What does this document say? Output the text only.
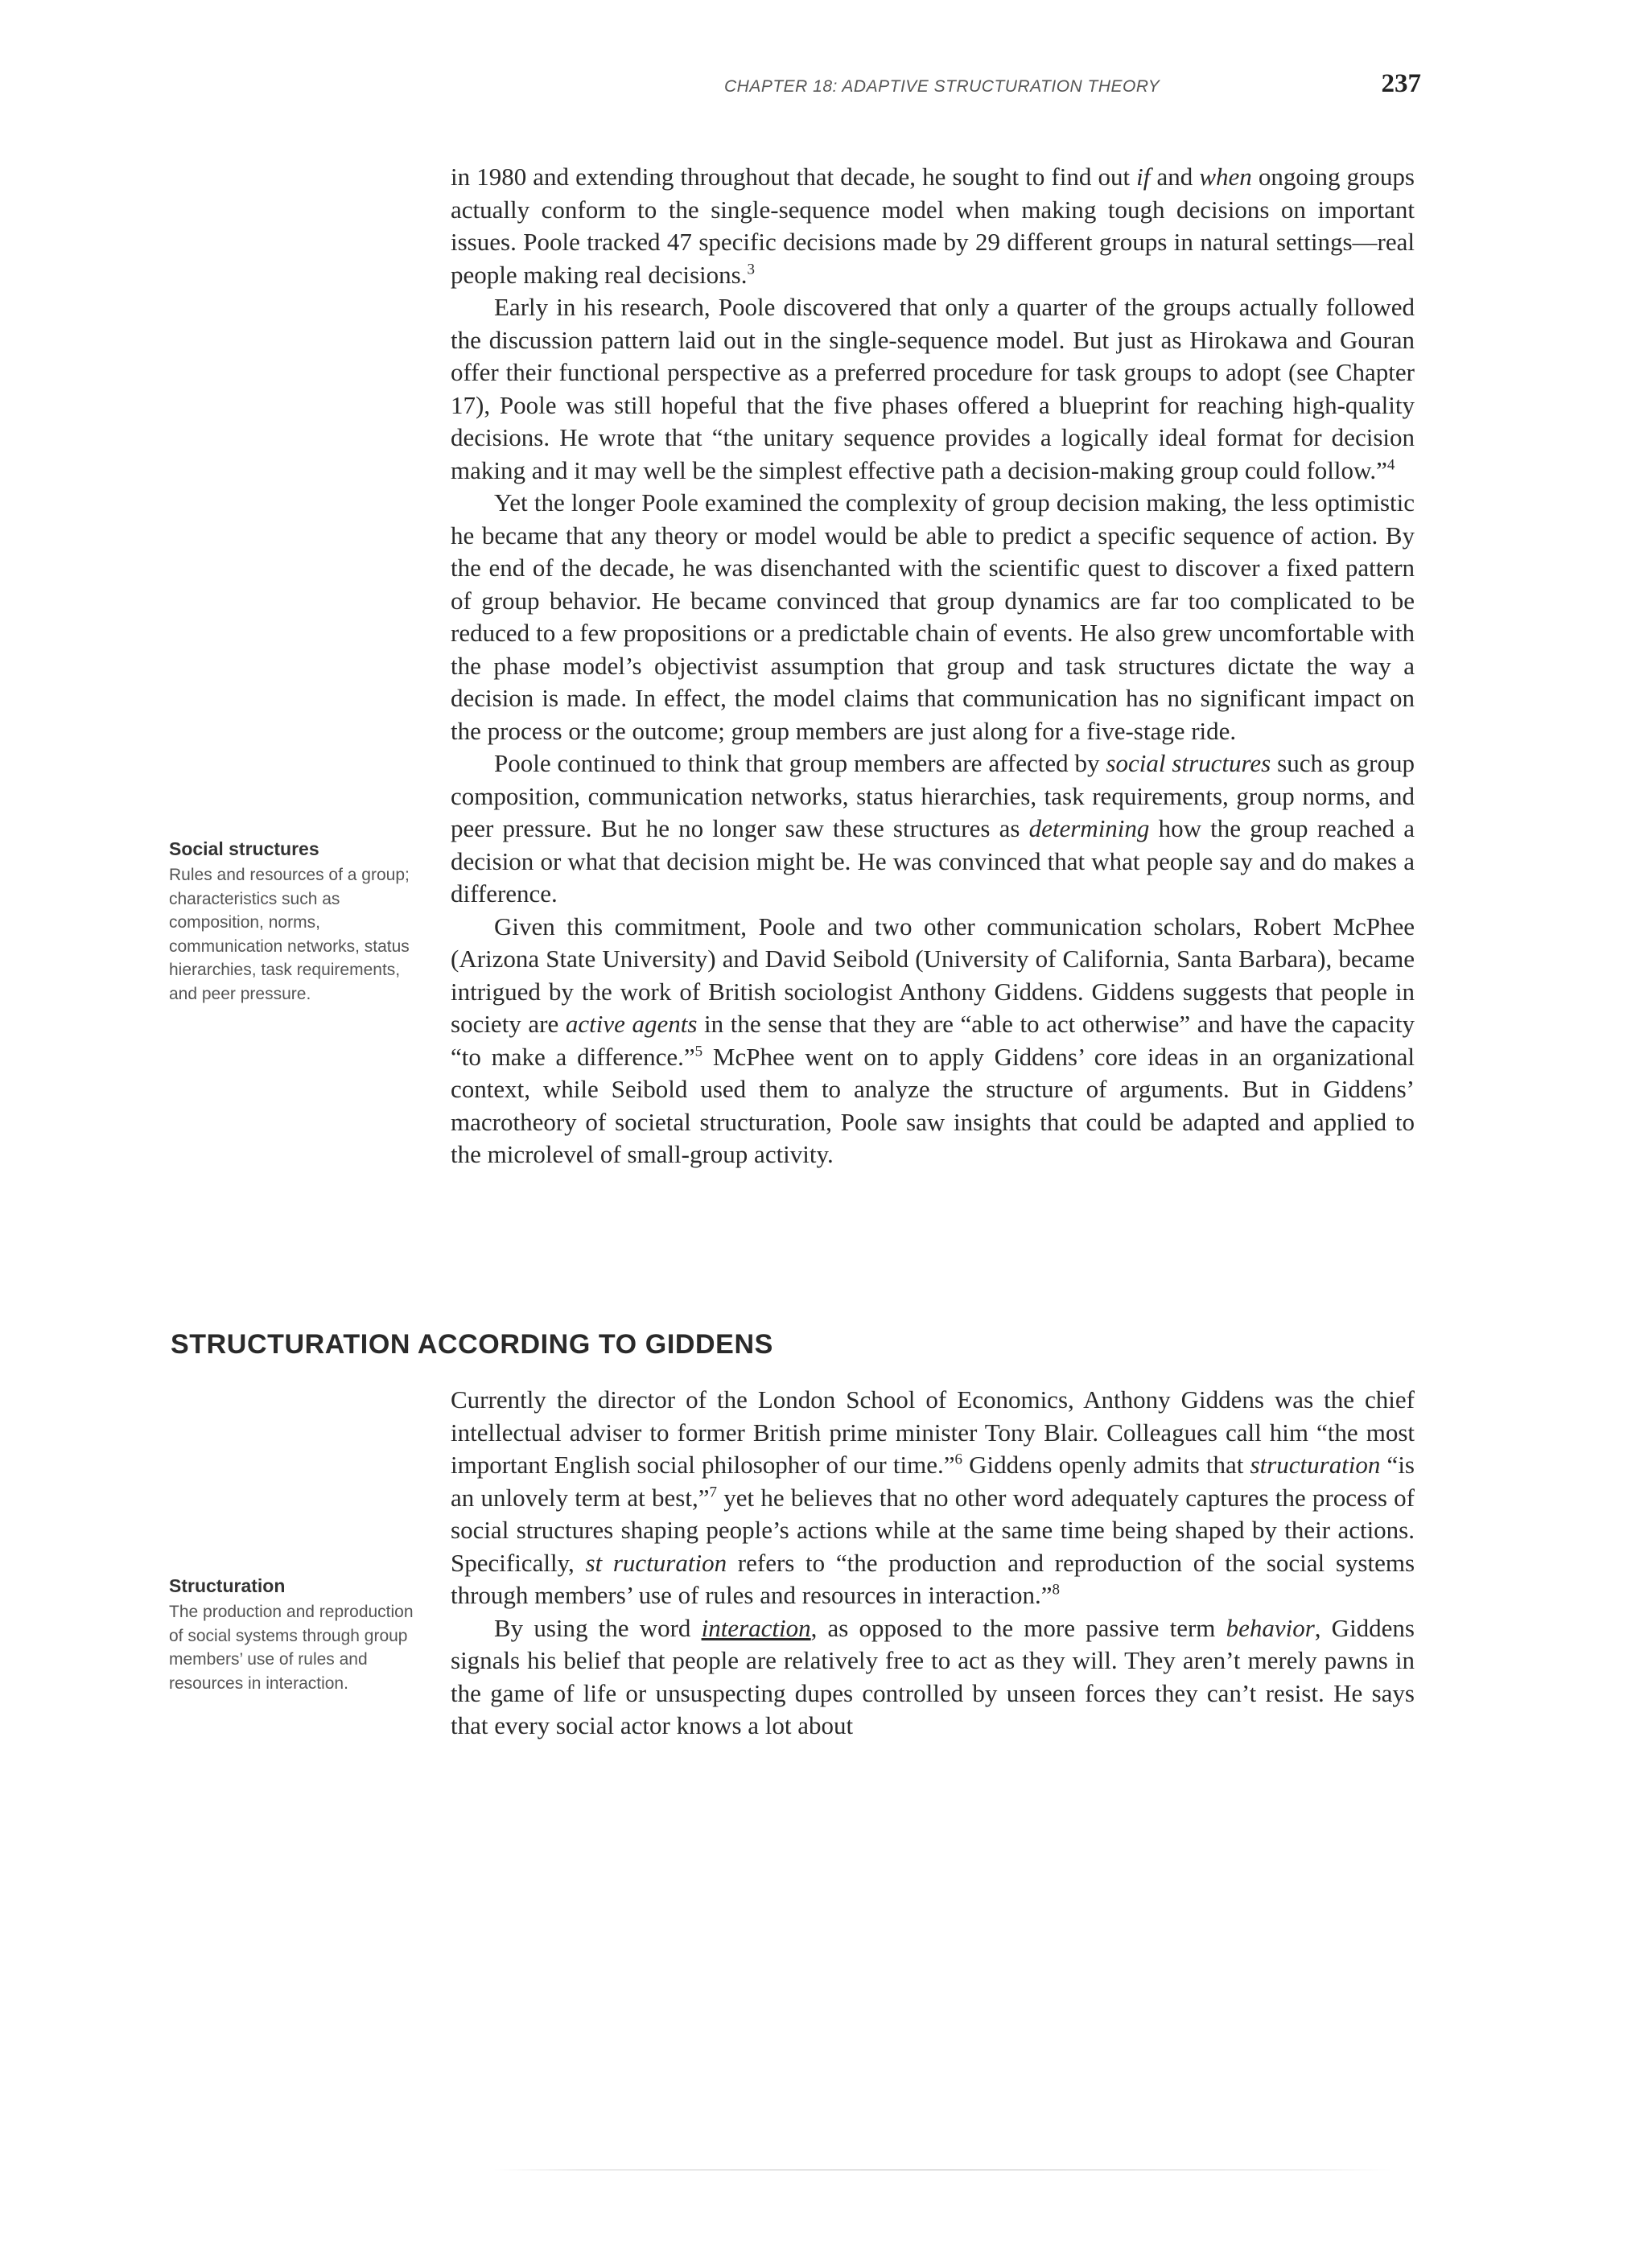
CHAPTER 18: ADAPTIVE STRUCTURATION THEORY	237

in 1980 and extending throughout that decade, he sought to find out if and when ongoing groups actually conform to the single-sequence model when making tough decisions on important issues. Poole tracked 47 specific decisions made by 29 different groups in natural settings—real people making real decisions.$^3$

Early in his research, Poole discovered that only a quarter of the groups actually followed the discussion pattern laid out in the single-sequence model. But just as Hirokawa and Gouran offer their functional perspective as a preferred procedure for task groups to adopt (see Chapter 17), Poole was still hopeful that the five phases offered a blueprint for reaching high-quality decisions. He wrote that “the unitary sequence provides a logically ideal format for decision making and it may well be the simplest effective path a decision-making group could follow.”$^4$

Yet the longer Poole examined the complexity of group decision making, the less optimistic he became that any theory or model would be able to predict a specific sequence of action. By the end of the decade, he was disenchanted with the scientific quest to discover a fixed pattern of group behavior. He became convinced that group dynamics are far too complicated to be reduced to a few propositions or a predictable chain of events. He also grew uncomfortable with the phase model’s objectivist assumption that group and task structures dictate the way a decision is made. In effect, the model claims that communication has no significant impact on the process or the outcome; group members are just along for a five-stage ride.

Poole continued to think that group members are affected by social structures such as group composition, communication networks, status hierarchies, task requirements, group norms, and peer pressure. But he no longer saw these structures as determining how the group reached a decision or what that decision might be. He was convinced that what people say and do makes a difference.

Given this commitment, Poole and two other communication scholars, Robert McPhee (Arizona State University) and David Seibold (University of California, Santa Barbara), became intrigued by the work of British sociologist Anthony Giddens. Giddens suggests that people in society are active agents in the sense that they are “able to act otherwise” and have the capacity “to make a difference.”$^5$ McPhee went on to apply Giddens’ core ideas in an organizational context, while Seibold used them to analyze the structure of arguments. But in Giddens’ macrotheory of societal structuration, Poole saw insights that could be adapted and applied to the microlevel of small-group activity.

STRUCTURATION ACCORDING TO GIDDENS

Currently the director of the London School of Economics, Anthony Giddens was the chief intellectual adviser to former British prime minister Tony Blair. Colleagues call him “the most important English social philosopher of our time.”$^6$ Giddens openly admits that structuration “is an unlovely term at best,”$^7$ yet he believes that no other word adequately captures the process of social structures shaping people’s actions while at the same time being shaped by their actions. Specifically, st ructuration refers to “the production and reproduction of the social systems through members’ use of rules and resources in interaction.”$^8$

By using the word interaction, as opposed to the more passive term behavior, Giddens signals his belief that people are relatively free to act as they will. They aren’t merely pawns in the game of life or unsuspecting dupes controlled by unseen forces they can’t resist. He says that every social actor knows a lot about

Social structures

Rules and resources of a group; characteristics such as composition, norms, communication networks, status hierarchies, task requirements, and peer pressure.

Structuration

The production and reproduction of social systems through group members’ use of rules and resources in interaction.
